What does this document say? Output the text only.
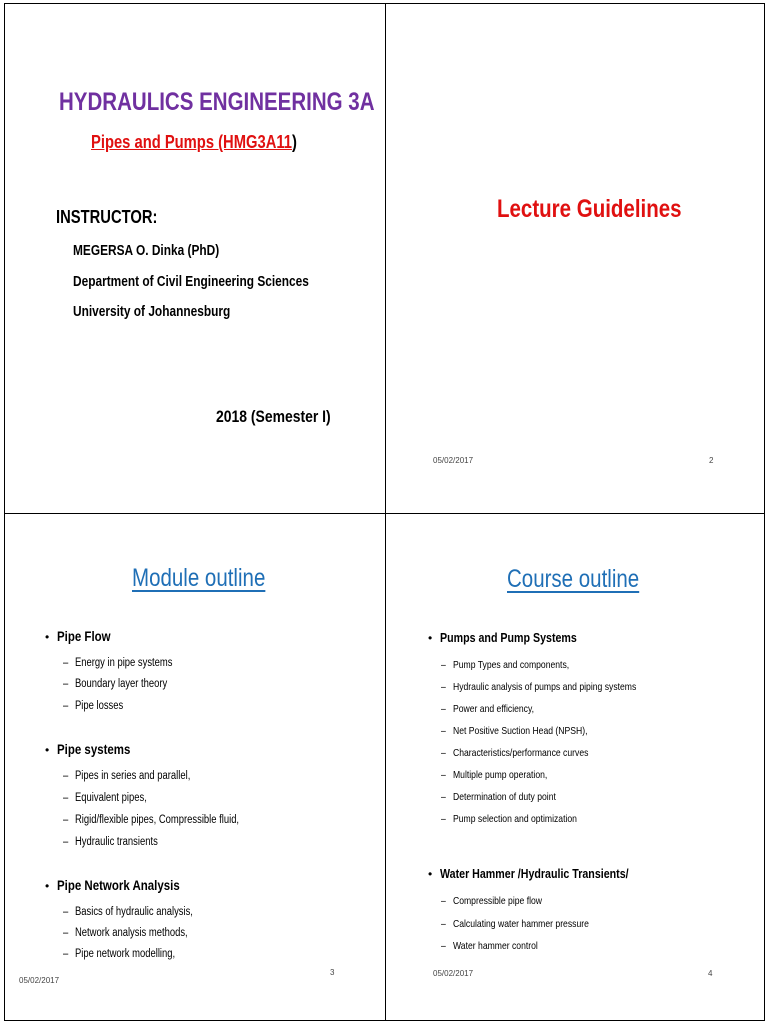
HYDRAULICS ENGINEERING 3A
Pipes and Pumps (HMG3A11)
INSTRUCTOR:
MEGERSA O. Dinka (PhD)
Department of Civil Engineering Sciences
University of Johannesburg
2018 (Semester I)
Lecture Guidelines
05/02/2017	2
Module outline
• Pipe Flow
– Energy in pipe systems
– Boundary layer theory
– Pipe losses
• Pipe systems
– Pipes in series and parallel,
– Equivalent pipes,
– Rigid/flexible pipes, Compressible fluid,
– Hydraulic transients
• Pipe Network Analysis
– Basics of hydraulic analysis,
– Network analysis methods,
– Pipe network modelling,
05/02/2017
3
Course outline
• Pumps and Pump Systems
– Pump Types and components,
– Hydraulic analysis of pumps and piping systems
– Power and efficiency,
– Net Positive Suction Head (NPSH),
– Characteristics/performance curves
– Multiple pump operation,
– Determination of duty point
– Pump selection and optimization
• Water Hammer /Hydraulic Transients/
– Compressible pipe flow
– Calculating water hammer pressure
– Water hammer control
05/02/2017	4
